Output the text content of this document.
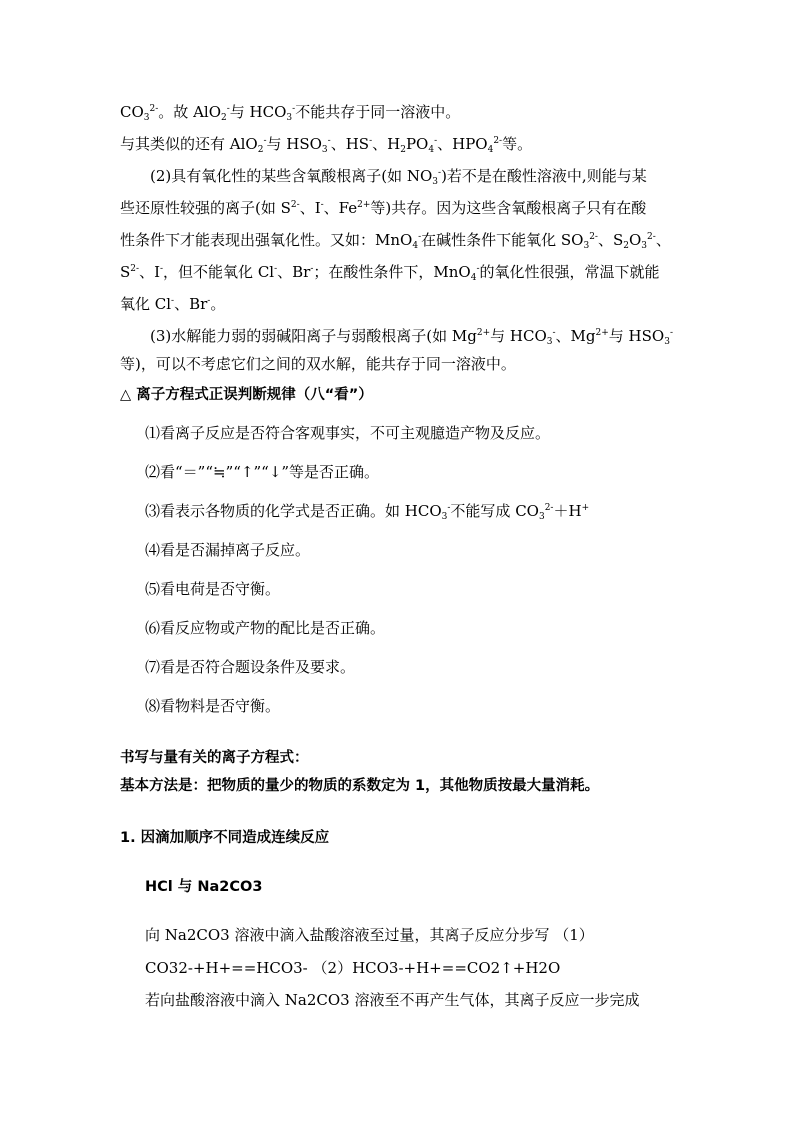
$CO_3^{2-}$。故 AlO$_2$-与 $HCO_3^-$不能共存于同一溶液中。
与其类似的还有 AlO$_2$-与 $HSO_3^-$、HS-、$H_2PO_4^-$、$HPO_4^{2-}$等。
(2)具有氧化性的某些含氧酸根离子(如 $NO_3^-$)若不是在酸性溶液中,则能与某
些还原性较强的离子(如 $S^{2-}$、I-、$Fe^{2+}$等)共存。因为这些含氧酸根离子只有在酸
性条件下才能表现出强氧化性。又如：MnO$_4$-在碱性条件下能氧化 $SO_3^{2-}$、$S_2O_3^{2-}$、
$S^{2-}$、I-，但不能氧化 Cl-、Br-；在酸性条件下，MnO$_4$-的氧化性很强，常温下就能
氧化 Cl-、Br-。
(3)水解能力弱的弱碱阳离子与弱酸根离子(如 $Mg^{2+}$与 $HCO_3^-$、$Mg^{2+}$与 $HSO_3^-$
等)，可以不考虑它们之间的双水解，能共存于同一溶液中。
△ 离子方程式正误判断规律（八“看”）
⑴看离子反应是否符合客观事实，不可主观臆造产物及反应。
⑵看“＝”“≒”“↑”“↓”等是否正确。
⑶看表示各物质的化学式是否正确。如 $HCO_3^-$不能写成 $CO_3^{2-}+H^+$
⑷看是否漏掉离子反应。
⑸看电荷是否守衡。
⑹看反应物或产物的配比是否正确。
⑺看是否符合题设条件及要求。
⑻看物料是否守衡。
书写与量有关的离子方程式：
基本方法是：把物质的量少的物质的系数定为 1，其他物质按最大量消耗。
1. 因滴加顺序不同造成连续反应
HCl 与 Na2CO3
向 Na2CO3 溶液中滴入盐酸溶液至过量，其离子反应分步写 （1）
CO32-+H+==HCO3- （2）HCO3-+H+==CO2↑+H2O
若向盐酸溶液中滴入 Na2CO3 溶液至不再产生气体，其离子反应一步完成
